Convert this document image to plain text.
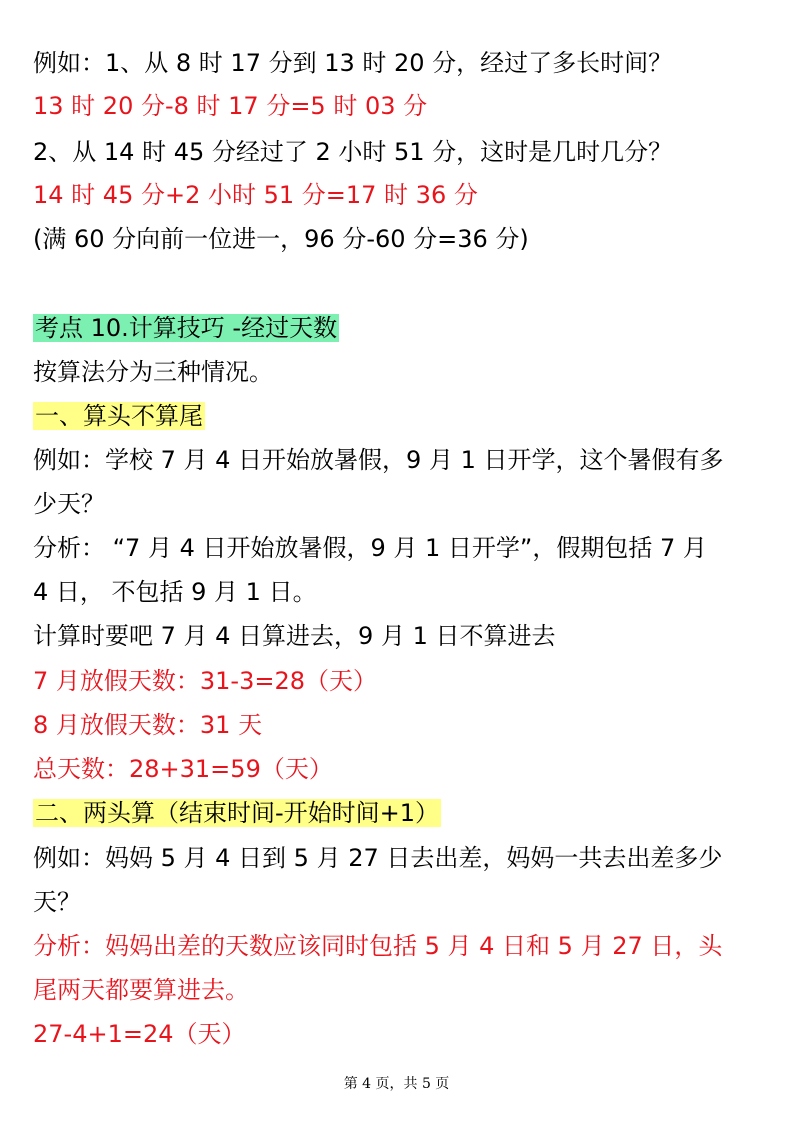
例如：1、从 8 时 17 分到 13 时 20 分，经过了多长时间？
13 时 20 分-8 时 17 分=5 时 03 分
2、从 14 时 45 分经过了 2 小时 51 分，这时是几时几分？
14 时 45 分+2 小时 51 分=17 时 36 分
(满 60 分向前一位进一，96 分-60 分=36 分)
考点 10.计算技巧 -经过天数
按算法分为三种情况。
一、算头不算尾
例如：学校 7 月 4 日开始放暑假，9 月 1 日开学，这个暑假有多
少天？
分析： “7 月 4 日开始放暑假，9 月 1 日开学”，假期包括 7 月
4 日， 不包括 9 月 1 日。
计算时要吧 7 月 4 日算进去，9 月 1 日不算进去
7 月放假天数：31-3=28（天）
8 月放假天数：31 天
总天数：28+31=59（天）
二、两头算（结束时间-开始时间+1）
例如：妈妈 5 月 4 日到 5 月 27 日去出差，妈妈一共去出差多少
天？
分析：妈妈出差的天数应该同时包括 5 月 4 日和 5 月 27 日，头
尾两天都要算进去。
27-4+1=24（天）
第 4 页，共 5 页
